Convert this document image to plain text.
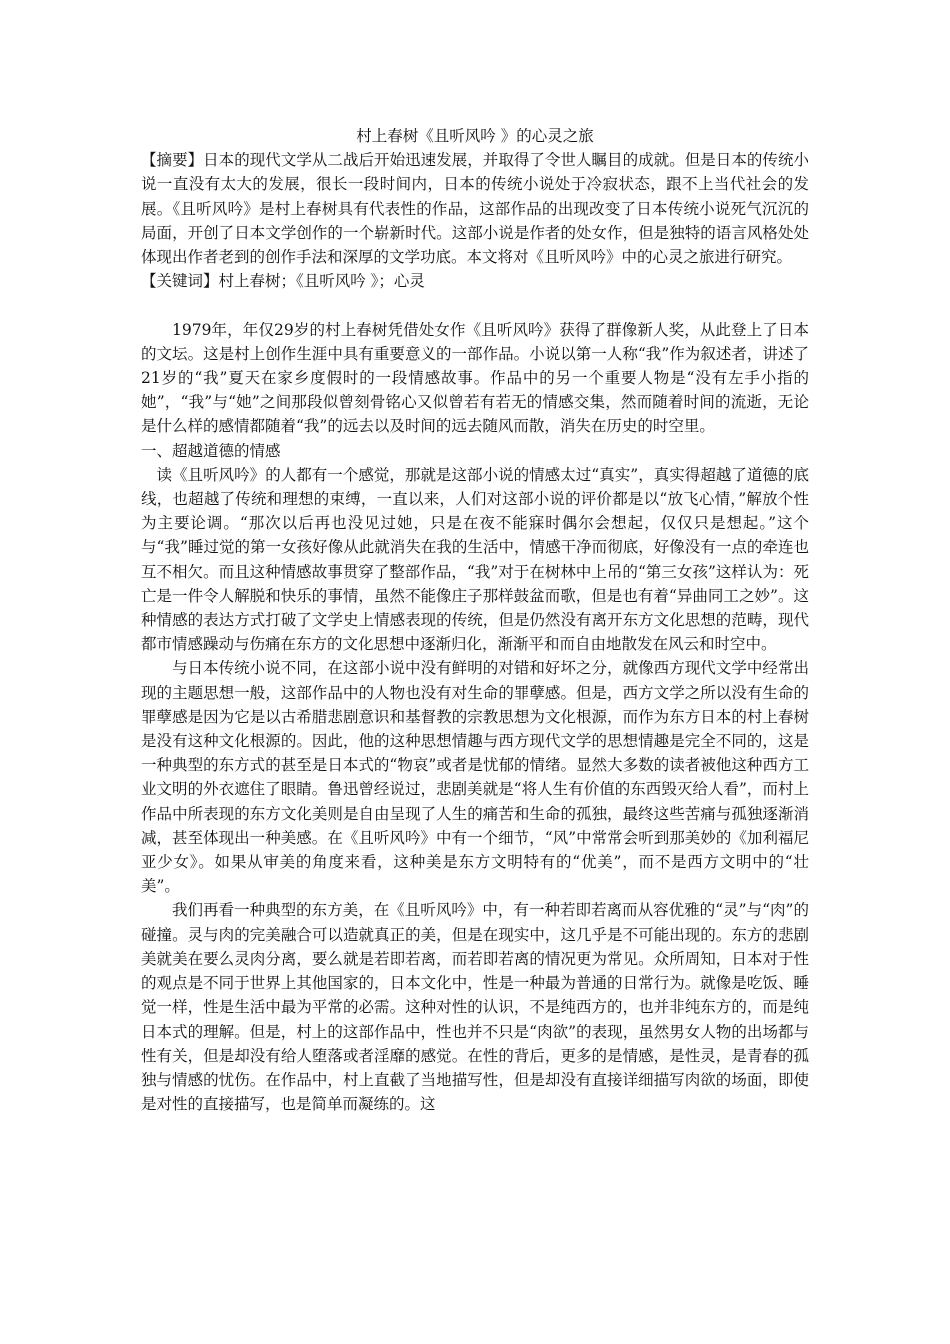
村上春树《且听风吟 》的心灵之旅

【摘要】日本的现代文学从二战后开始迅速发展，并取得了令世人瞩目的成就。但是日本的传统小说一直没有太大的发展，很长一段时间内，日本的传统小说处于冷寂状态，跟不上当代社会的发展。《且听风吟》是村上春树具有代表性的作品，这部作品的出现改变了日本传统小说死气沉沉的局面，开创了日本文学创作的一个崭新时代。这部小说是作者的处女作，但是独特的语言风格处处体现出作者老到的创作手法和深厚的文学功底。本文将对《且听风吟》中的心灵之旅进行研究。

【关键词】村上春树；《且听风吟 》；心灵

1979年，年仅29岁的村上春树凭借处女作《且听风吟》获得了群像新人奖，从此登上了日本的文坛。这是村上创作生涯中具有重要意义的一部作品。小说以第一人称“我”作为叙述者，讲述了21岁的“我”夏天在家乡度假时的一段情感故事。作品中的另一个重要人物是“没有左手小指的她”，“我”与“她”之间那段似曾刻骨铭心又似曾若有若无的情感交集，然而随着时间的流逝，无论是什么样的感情都随着“我”的远去以及时间的远去随风而散，消失在历史的时空里。

一、超越道德的情感

读《且听风吟》的人都有一个感觉，那就是这部小说的情感太过“真实”，真实得超越了道德的底线，也超越了传统和理想的束缚，一直以来，人们对这部小说的评价都是以“放飞心情，”解放个性为主要论调。“那次以后再也没见过她，只是在夜不能寐时偶尔会想起，仅仅只是想起。”这个与“我”睡过觉的第一女孩好像从此就消失在我的生活中，情感干净而彻底，好像没有一点的牵连也互不相欠。而且这种情感故事贯穿了整部作品，“我”对于在树林中上吊的“第三女孩”这样认为：死亡是一件令人解脱和快乐的事情，虽然不能像庄子那样鼓盆而歌，但是也有着“异曲同工之妙”。这种情感的表达方式打破了文学史上情感表现的传统，但是仍然没有离开东方文化思想的范畴，现代都市情感躁动与伤痛在东方的文化思想中逐渐归化，渐渐平和而自由地散发在风云和时空中。

与日本传统小说不同，在这部小说中没有鲜明的对错和好坏之分，就像西方现代文学中经常出现的主题思想一般，这部作品中的人物也没有对生命的罪孽感。但是，西方文学之所以没有生命的罪孽感是因为它是以古希腊悲剧意识和基督教的宗教思想为文化根源，而作为东方日本的村上春树是没有这种文化根源的。因此，他的这种思想情趣与西方现代文学的思想情趣是完全不同的，这是一种典型的东方式的甚至是日本式的“物哀”或者是忧郁的情绪。显然大多数的读者被他这种西方工业文明的外衣遮住了眼睛。鲁迅曾经说过，悲剧美就是“将人生有价值的东西毁灭给人看”，而村上作品中所表现的东方文化美则是自由呈现了人生的痛苦和生命的孤独，最终这些苦痛与孤独逐渐消减，甚至体现出一种美感。在《且听风吟》中有一个细节，“风”中常常会听到那美妙的《加利福尼亚少女》。如果从审美的角度来看，这种美是东方文明特有的“优美”，而不是西方文明中的“壮美”。

我们再看一种典型的东方美，在《且听风吟》中，有一种若即若离而从容优雅的“灵”与“肉”的碰撞。灵与肉的完美融合可以造就真正的美，但是在现实中，这几乎是不可能出现的。东方的悲剧美就美在要么灵肉分离，要么就是若即若离，而若即若离的情况更为常见。众所周知，日本对于性的观点是不同于世界上其他国家的，日本文化中，性是一种最为普通的日常行为。就像是吃饭、睡觉一样，性是生活中最为平常的必需。这种对性的认识，不是纯西方的，也并非纯东方的，而是纯日本式的理解。但是，村上的这部作品中，性也并不只是“肉欲”的表现，虽然男女人物的出场都与性有关，但是却没有给人堕落或者淫靡的感觉。在性的背后，更多的是情感，是性灵，是青春的孤独与情感的忧伤。在作品中，村上直截了当地描写性，但是却没有直接详细描写肉欲的场面，即使是对性的直接描写，也是简单而凝练的。这
